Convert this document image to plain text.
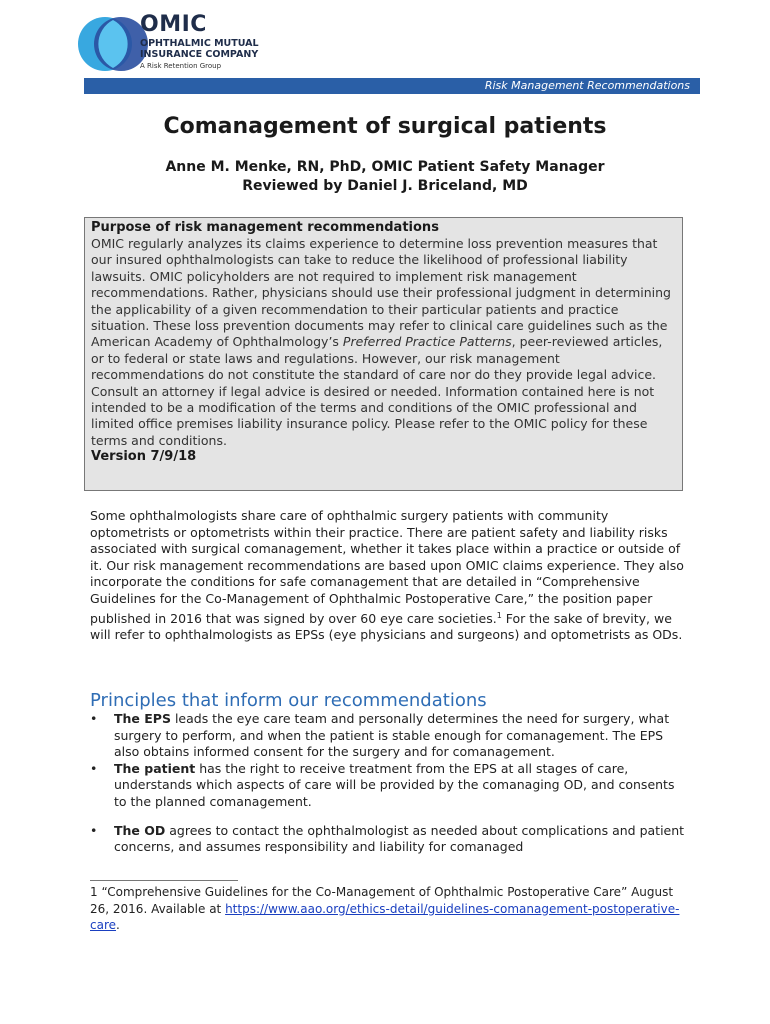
OMIC
OPHTHALMIC MUTUAL
INSURANCE COMPANY
A Risk Retention Group
Risk Management Recommendations
Comanagement of surgical patients
Anne M. Menke, RN, PhD, OMIC Patient Safety Manager
Reviewed by Daniel J. Briceland, MD
Purpose of risk management recommendations
OMIC regularly analyzes its claims experience to determine loss prevention measures that our insured ophthalmologists can take to reduce the likelihood of professional liability lawsuits. OMIC policyholders are not required to implement risk management recommendations. Rather, physicians should use their professional judgment in determining the applicability of a given recommendation to their particular patients and practice situation. These loss prevention documents may refer to clinical care guidelines such as the American Academy of Ophthalmology’s Preferred Practice Patterns, peer-reviewed articles, or to federal or state laws and regulations. However, our risk management recommendations do not constitute the standard of care nor do they provide legal advice. Consult an attorney if legal advice is desired or needed. Information contained here is not intended to be a modification of the terms and conditions of the OMIC professional and limited office premises liability insurance policy. Please refer to the OMIC policy for these terms and conditions.
Version 7/9/18
Some ophthalmologists share care of ophthalmic surgery patients with community optometrists or optometrists within their practice. There are patient safety and liability risks associated with surgical comanagement, whether it takes place within a practice or outside of it. Our risk management recommendations are based upon OMIC claims experience. They also incorporate the conditions for safe comanagement that are detailed in “Comprehensive Guidelines for the Co-Management of Ophthalmic Postoperative Care,” the position paper published in 2016 that was signed by over 60 eye care societies.$^1$ For the sake of brevity, we will refer to ophthalmologists as EPSs (eye physicians and surgeons) and optometrists as ODs.
Principles that inform our recommendations
• The EPS leads the eye care team and personally determines the need for surgery, what surgery to perform, and when the patient is stable enough for comanagement. The EPS also obtains informed consent for the surgery and for comanagement.
• The patient has the right to receive treatment from the EPS at all stages of care, understands which aspects of care will be provided by the comanaging OD, and consents to the planned comanagement.
• The OD agrees to contact the ophthalmologist as needed about complications and patient concerns, and assumes responsibility and liability for comanaged
1 “Comprehensive Guidelines for the Co-Management of Ophthalmic Postoperative Care” August 26, 2016. Available at https://www.aao.org/ethics-detail/guidelines-comanagement-postoperative-care.
